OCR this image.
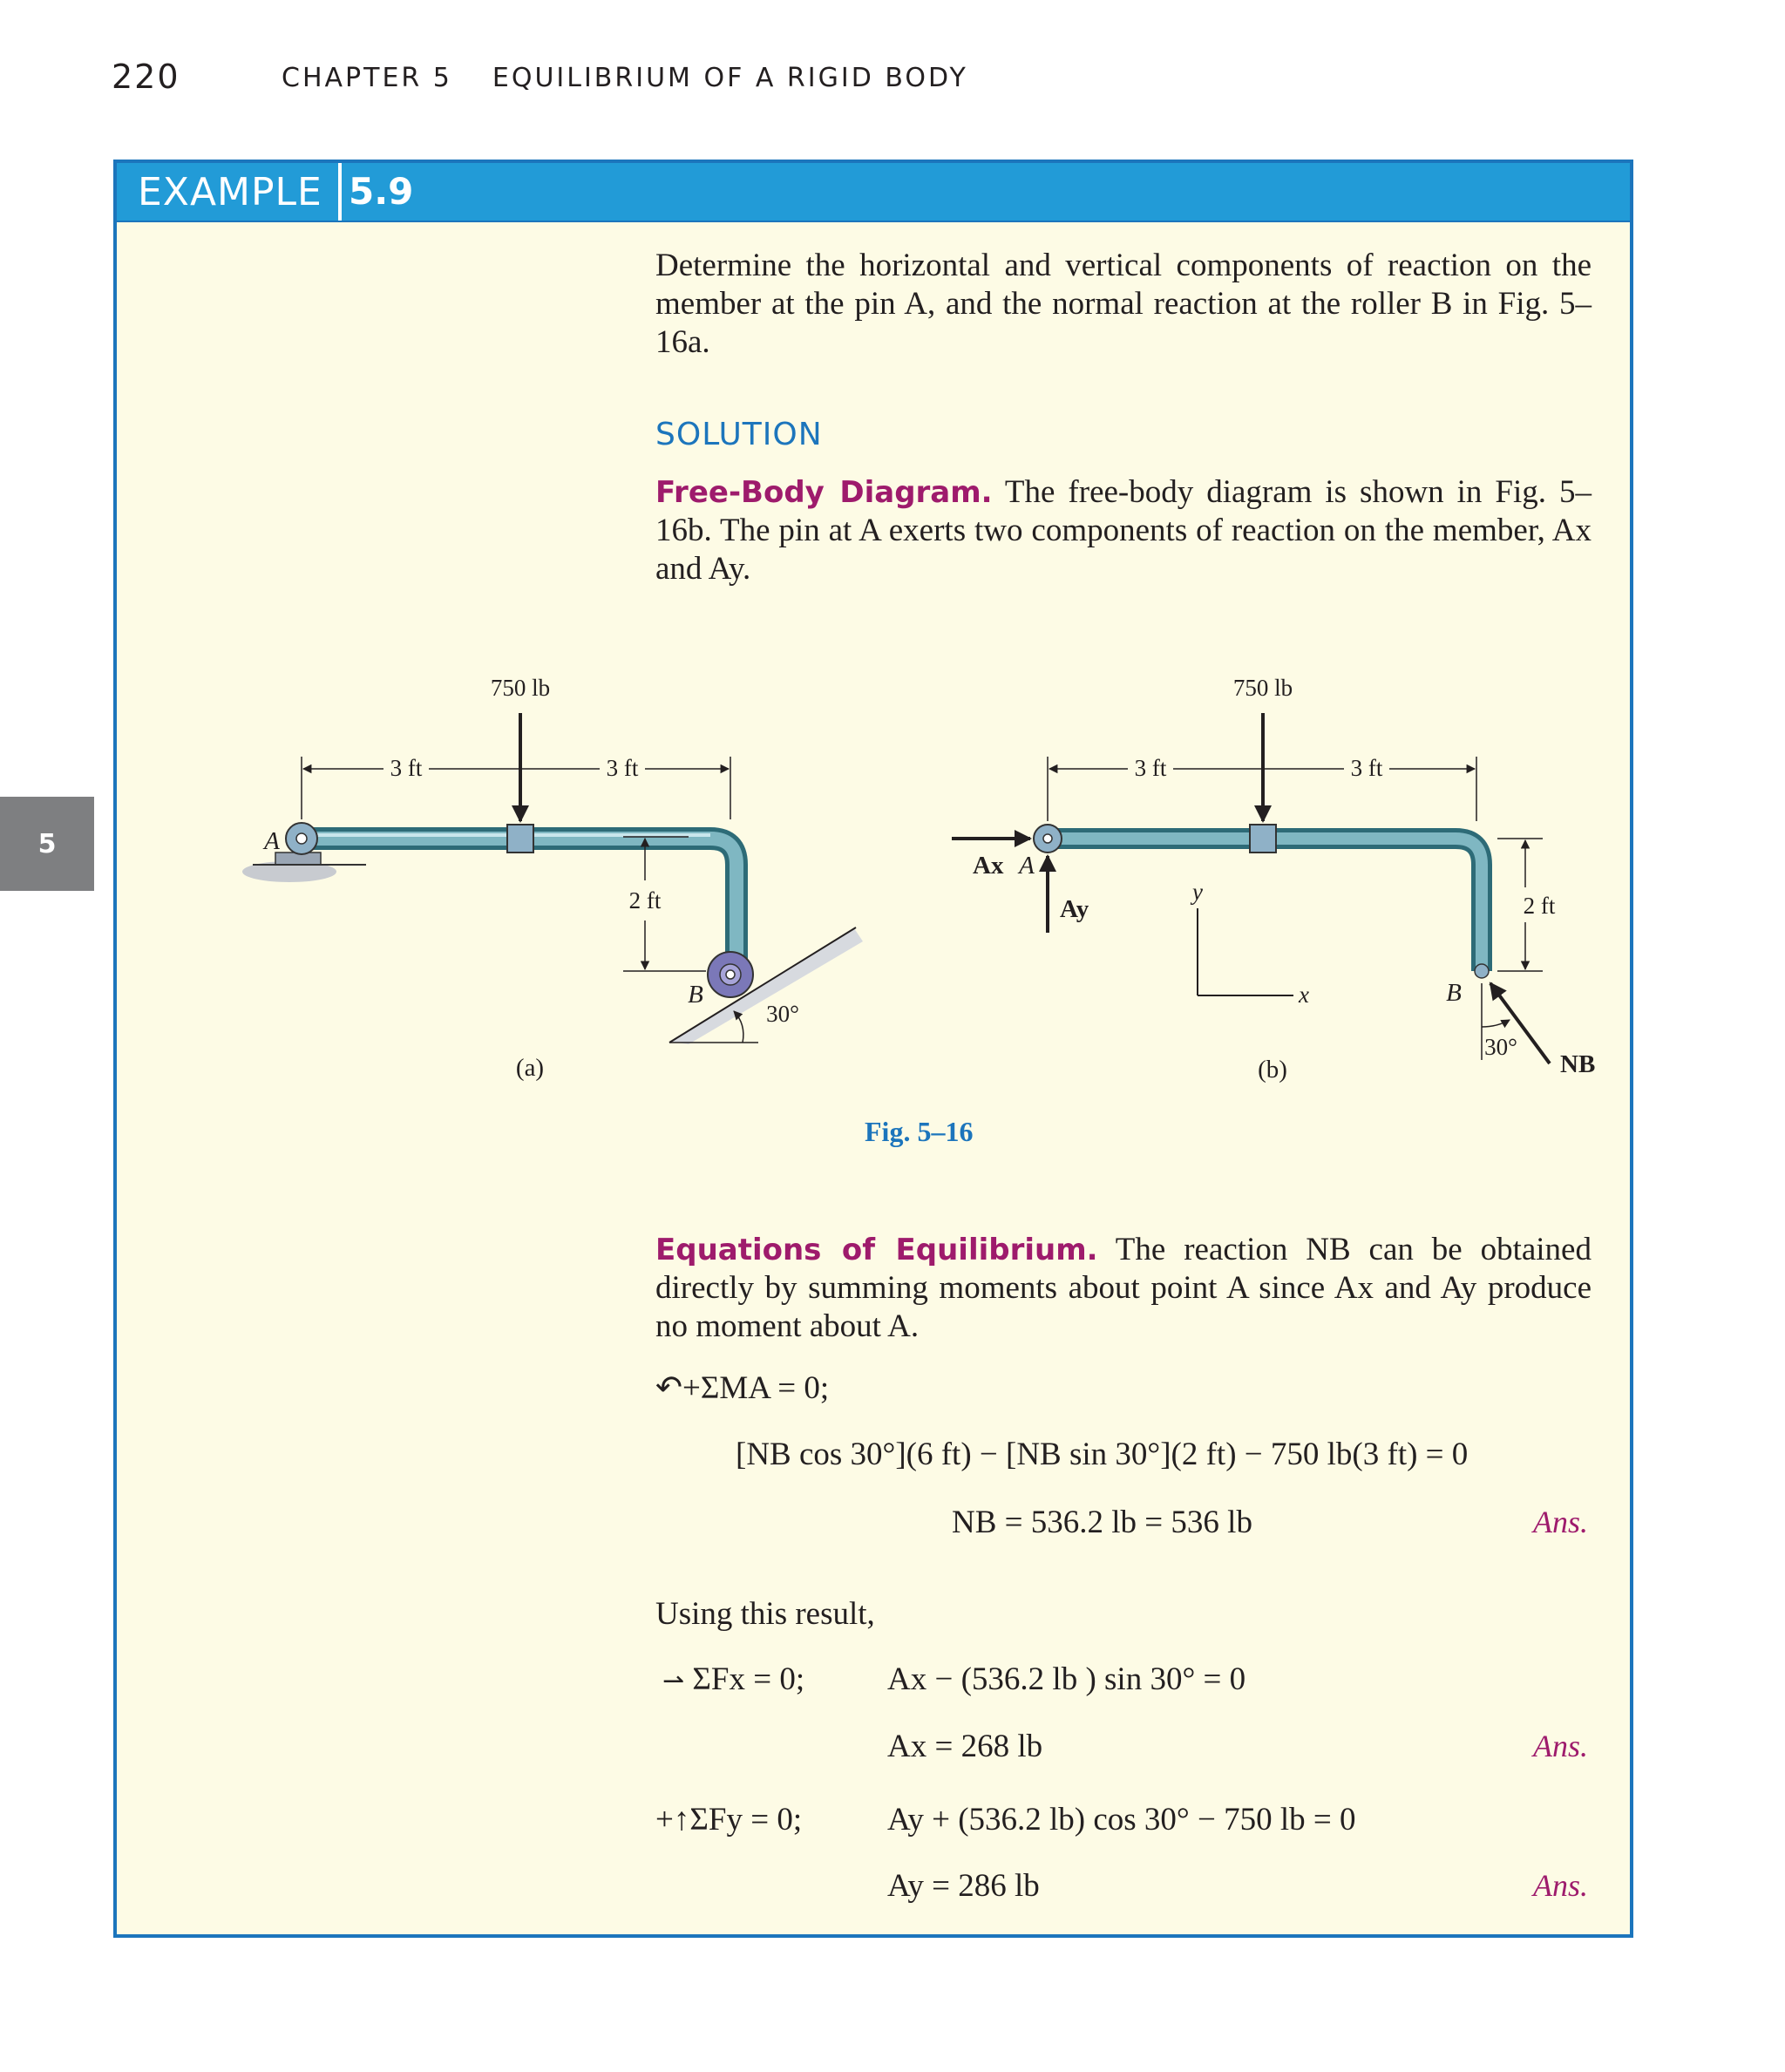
220	CHAPTER 5 EQUILIBRIUM OF A RIGID BODY
5
EXAMPLE 5.9
Determine the horizontal and vertical components of reaction on the member at the pin A, and the normal reaction at the roller B in Fig. 5–16a.
SOLUTION
Free-Body Diagram. The free-body diagram is shown in Fig. 5–16b. The pin at A exerts two components of reaction on the member, Ax and Ay.
750 lb
3 ft	3 ft
2 ft
30°
A
B
(a)
750 lb
3 ft	3 ft
2 ft
Ax
Ay
A
y
x
NB
30°
B
(b)
Fig. 5–16
Equations of Equilibrium. The reaction NB can be obtained directly by summing moments about point A since Ax and Ay produce no moment about A.
↶+ΣMA = 0;
[NB cos 30°](6 ft) − [NB sin 30°](2 ft) − 750 lb(3 ft) = 0
NB = 536.2 lb = 536 lb	Ans.
Using this result,
⇀ ΣFx = 0;	Ax − (536.2 lb ) sin 30° = 0
Ax = 268 lb	Ans.
+↑ΣFy = 0;	Ay + (536.2 lb) cos 30° − 750 lb = 0
Ay = 286 lb	Ans.
